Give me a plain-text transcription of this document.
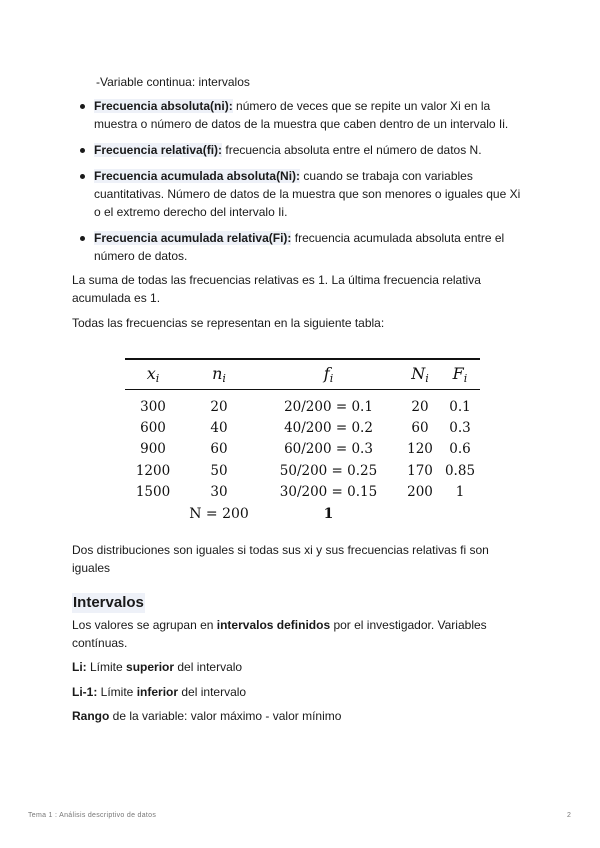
-Variable continua: intervalos
Frecuencia absoluta(ni): número de veces que se repite un valor Xi en la muestra o número de datos de la muestra que caben dentro de un intervalo Ii.
Frecuencia relativa(fi): frecuencia absoluta entre el número de datos N.
Frecuencia acumulada absoluta(Ni): cuando se trabaja con variables cuantitativas. Número de datos de la muestra que son menores o iguales que Xi o el extremo derecho del intervalo Ii.
Frecuencia acumulada relativa(Fi): frecuencia acumulada absoluta entre el número de datos.

La suma de todas las frecuencias relativas es 1. La última frecuencia relativa acumulada es 1.

Todas las frecuencias se representan en la siguiente tabla:

$x_i$	$n_i$	$f_i$	$N_i$	$F_i$
300	20	20/200 = 0.1	20	0.1
600	40	40/200 = 0.2	60	0.3
900	60	60/200 = 0.3	120	0.6
1200	50	50/200 = 0.25	170	0.85
1500	30	30/200 = 0.15	200	1
	N = 200	1		

Dos distribuciones son iguales si todas sus xi y sus frecuencias relativas fi son iguales

Intervalos

Los valores se agrupan en intervalos definidos por el investigador. Variables contínuas.

Li: Límite superior del intervalo
Li-1: Límite inferior del intervalo
Rango de la variable: valor máximo - valor mínimo
Tema 1 : Análisis descriptivo de datos	2
